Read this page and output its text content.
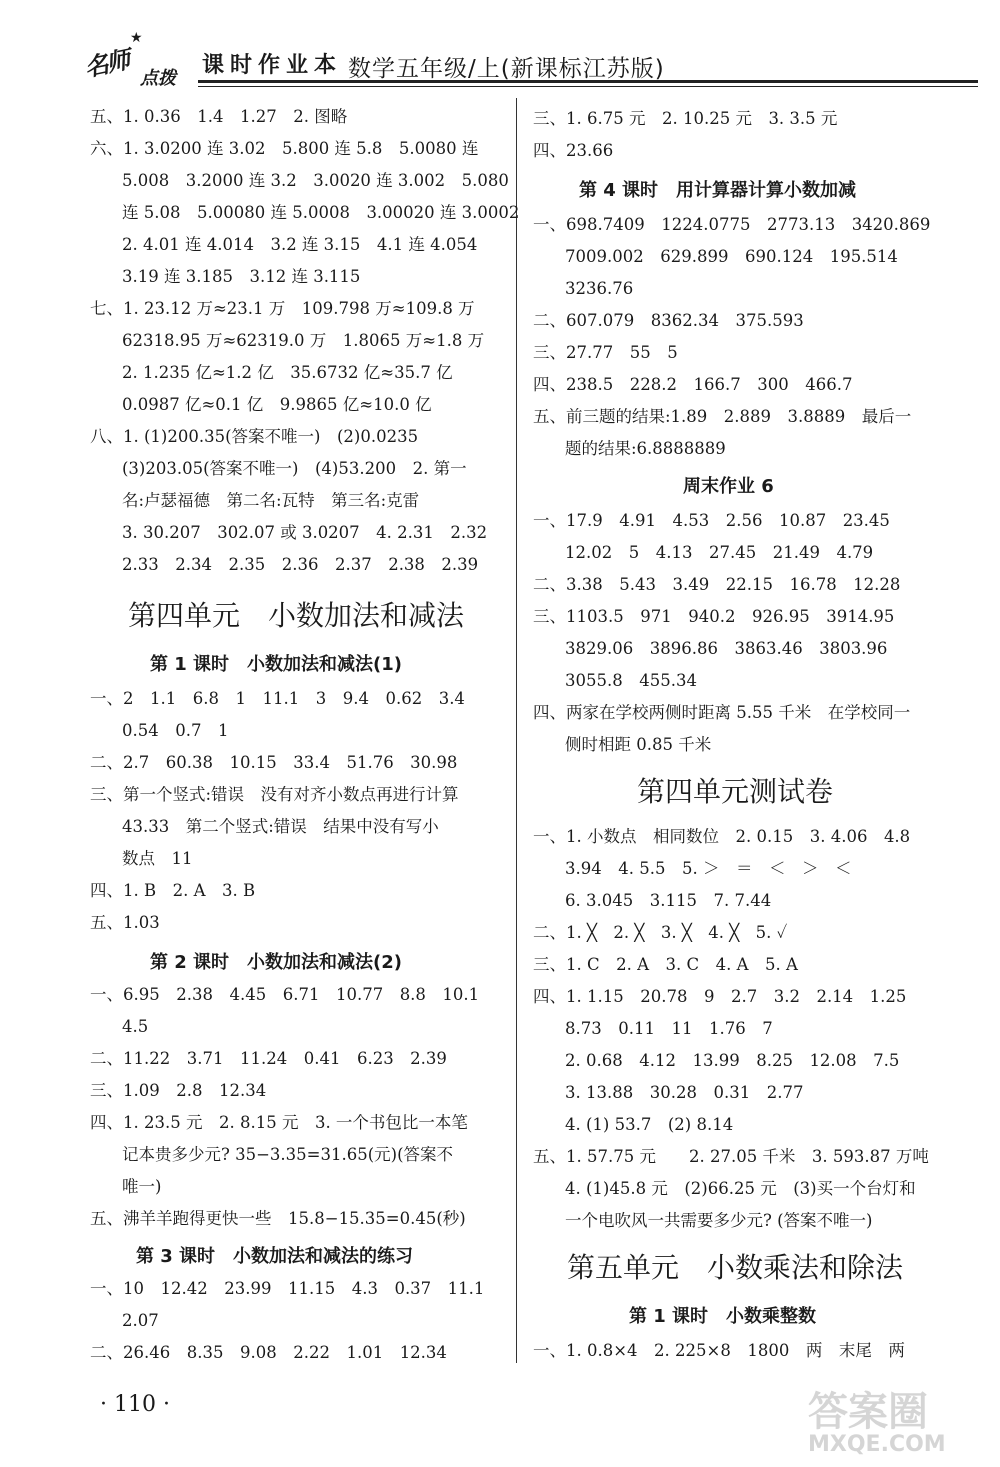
★
名师 点拨
课时作业本 数学五年级/上(新课标江苏版)
五、1. 0.36　1.4　1.27　2. 图略
六、1. 3.0200 连 3.02　5.800 连 5.8　5.0080 连
5.008　3.2000 连 3.2　3.0020 连 3.002　5.080
连 5.08　5.00080 连 5.0008　3.00020 连 3.0002
2. 4.01 连 4.014　3.2 连 3.15　4.1 连 4.054
3.19 连 3.185　3.12 连 3.115
七、1. 23.12 万≈23.1 万　109.798 万≈109.8 万
62318.95 万≈62319.0 万　1.8065 万≈1.8 万
2. 1.235 亿≈1.2 亿　35.6732 亿≈35.7 亿
0.0987 亿≈0.1 亿　9.9865 亿≈10.0 亿
八、1. (1)200.35(答案不唯一)　(2)0.0235
(3)203.05(答案不唯一)　(4)53.200　2. 第一
名:卢瑟福德　第二名:瓦特　第三名:克雷
3. 30.207　302.07 或 3.0207　4. 2.31　2.32
2.33　2.34　2.35　2.36　2.37　2.38　2.39
第四单元　小数加法和减法
第 1 课时　小数加法和减法(1)
一、2　1.1　6.8　1　11.1　3　9.4　0.62　3.4
0.54　0.7　1
二、2.7　60.38　10.15　33.4　51.76　30.98
三、第一个竖式:错误　没有对齐小数点再进行计算
43.33　第二个竖式:错误　结果中没有写小
数点　11
四、1. B　2. A　3. B
五、1.03
第 2 课时　小数加法和减法(2)
一、6.95　2.38　4.45　6.71　10.77　8.8　10.1
4.5
二、11.22　3.71　11.24　0.41　6.23　2.39
三、1.09　2.8　12.34
四、1. 23.5 元　2. 8.15 元　3. 一个书包比一本笔
记本贵多少元? 35−3.35=31.65(元)(答案不
唯一)
五、沸羊羊跑得更快一些　15.8−15.35=0.45(秒)
第 3 课时　小数加法和减法的练习
一、10　12.42　23.99　11.15　4.3　0.37　11.1
2.07
二、26.46　8.35　9.08　2.22　1.01　12.34
三、1. 6.75 元　2. 10.25 元　3. 3.5 元
四、23.66
第 4 课时　用计算器计算小数加减
一、698.7409　1224.0775　2773.13　3420.869
7009.002　629.899　690.124　195.514
3236.76
二、607.079　8362.34　375.593
三、27.77　55　5
四、238.5　228.2　166.7　300　466.7
五、前三题的结果:1.89　2.889　3.8889　最后一
题的结果:6.8888889
周末作业 6
一、17.9　4.91　4.53　2.56　10.87　23.45
12.02　5　4.13　27.45　21.49　4.79
二、3.38　5.43　3.49　22.15　16.78　12.28
三、1103.5　971　940.2　926.95　3914.95
3829.06　3896.86　3863.46　3803.96
3055.8　455.34
四、两家在学校两侧时距离 5.55 千米　在学校同一
侧时相距 0.85 千米
第四单元测试卷
一、1. 小数点　相同数位　2. 0.15　3. 4.06　4.8
3.94　4. 5.5　5. ＞　＝　＜　＞　＜
6. 3.045　3.115　7. 7.44
二、1. ╳　2. ╳　3. ╳　4. ╳　5. ✓
三、1. C　2. A　3. C　4. A　5. A
四、1. 1.15　20.78　9　2.7　3.2　2.14　1.25
8.73　0.11　11　1.76　7
2. 0.68　4.12　13.99　8.25　12.08　7.5
3. 13.88　30.28　0.31　2.77
4. (1) 53.7　(2) 8.14
五、1. 57.75 元　　2. 27.05 千米　3. 593.87 万吨
4. (1)45.8 元　(2)66.25 元　(3)买一个台灯和
一个电吹风一共需要多少元? (答案不唯一)
第五单元　小数乘法和除法
第 1 课时　小数乘整数
一、1. 0.8×4　2. 225×8　1800　两　末尾　两
· 110 ·	答案圈
MXQE.COM
